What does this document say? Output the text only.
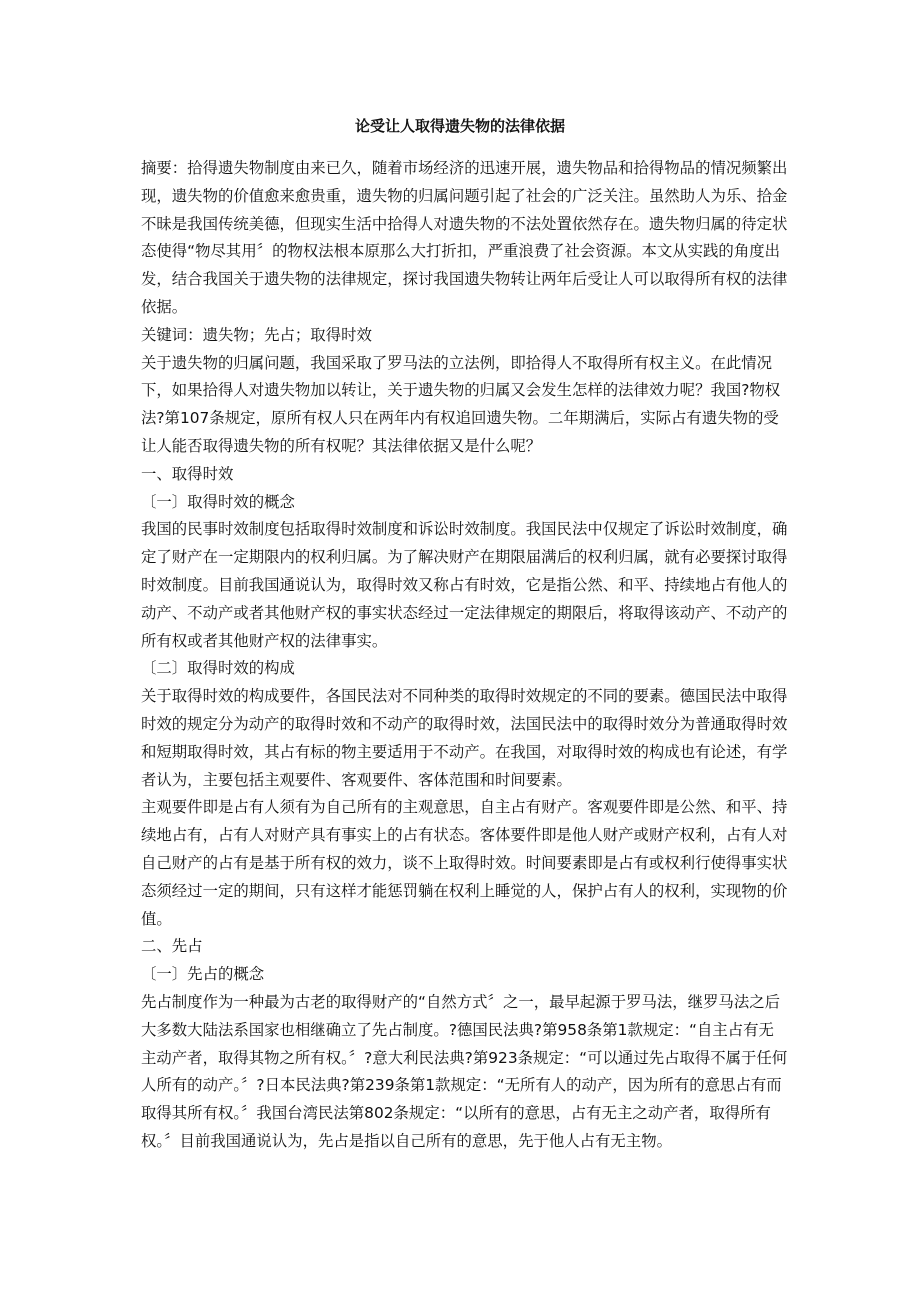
论受让人取得遗失物的法律依据

摘要：拾得遗失物制度由来已久，随着市场经济的迅速开展，遗失物品和拾得物品的情况频繁出现，遗失物的价值愈来愈贵重，遗失物的归属问题引起了社会的广泛关注。虽然助人为乐、拾金不昧是我国传统美德，但现实生活中拾得人对遗失物的不法处置依然存在。遗失物归属的待定状态使得“物尽其用〞的物权法根本原那么大打折扣，严重浪费了社会资源。本文从实践的角度出发，结合我国关于遗失物的法律规定，探讨我国遗失物转让两年后受让人可以取得所有权的法律依据。

关键词：遗失物；先占；取得时效

关于遗失物的归属问题，我国采取了罗马法的立法例，即拾得人不取得所有权主义。在此情况下，如果拾得人对遗失物加以转让，关于遗失物的归属又会发生怎样的法律效力呢？我国?物权法?第107条规定，原所有权人只在两年内有权追回遗失物。二年期满后，实际占有遗失物的受让人能否取得遗失物的所有权呢？其法律依据又是什么呢？

一、取得时效

〔一〕取得时效的概念

我国的民事时效制度包括取得时效制度和诉讼时效制度。我国民法中仅规定了诉讼时效制度，确定了财产在一定期限内的权利归属。为了解决财产在期限届满后的权利归属，就有必要探讨取得时效制度。目前我国通说认为，取得时效又称占有时效，它是指公然、和平、持续地占有他人的动产、不动产或者其他财产权的事实状态经过一定法律规定的期限后，将取得该动产、不动产的所有权或者其他财产权的法律事实。

〔二〕取得时效的构成

关于取得时效的构成要件，各国民法对不同种类的取得时效规定的不同的要素。德国民法中取得时效的规定分为动产的取得时效和不动产的取得时效，法国民法中的取得时效分为普通取得时效和短期取得时效，其占有标的物主要适用于不动产。在我国，对取得时效的构成也有论述，有学者认为，主要包括主观要件、客观要件、客体范围和时间要素。

主观要件即是占有人须有为自己所有的主观意思，自主占有财产。客观要件即是公然、和平、持续地占有，占有人对财产具有事实上的占有状态。客体要件即是他人财产或财产权利，占有人对自己财产的占有是基于所有权的效力，谈不上取得时效。时间要素即是占有或权利行使得事实状态须经过一定的期间，只有这样才能惩罚躺在权利上睡觉的人，保护占有人的权利，实现物的价值。

二、先占

〔一〕先占的概念

先占制度作为一种最为古老的取得财产的“自然方式〞之一，最早起源于罗马法，继罗马法之后大多数大陆法系国家也相继确立了先占制度。?德国民法典?第958条第1款规定：“自主占有无主动产者，取得其物之所有权。〞?意大利民法典?第923条规定：“可以通过先占取得不属于任何人所有的动产。〞?日本民法典?第239条第1款规定：“无所有人的动产，因为所有的意思占有而取得其所有权。〞我国台湾民法第802条规定：“以所有的意思，占有无主之动产者，取得所有权。〞目前我国通说认为，先占是指以自己所有的意思，先于他人占有无主物。
